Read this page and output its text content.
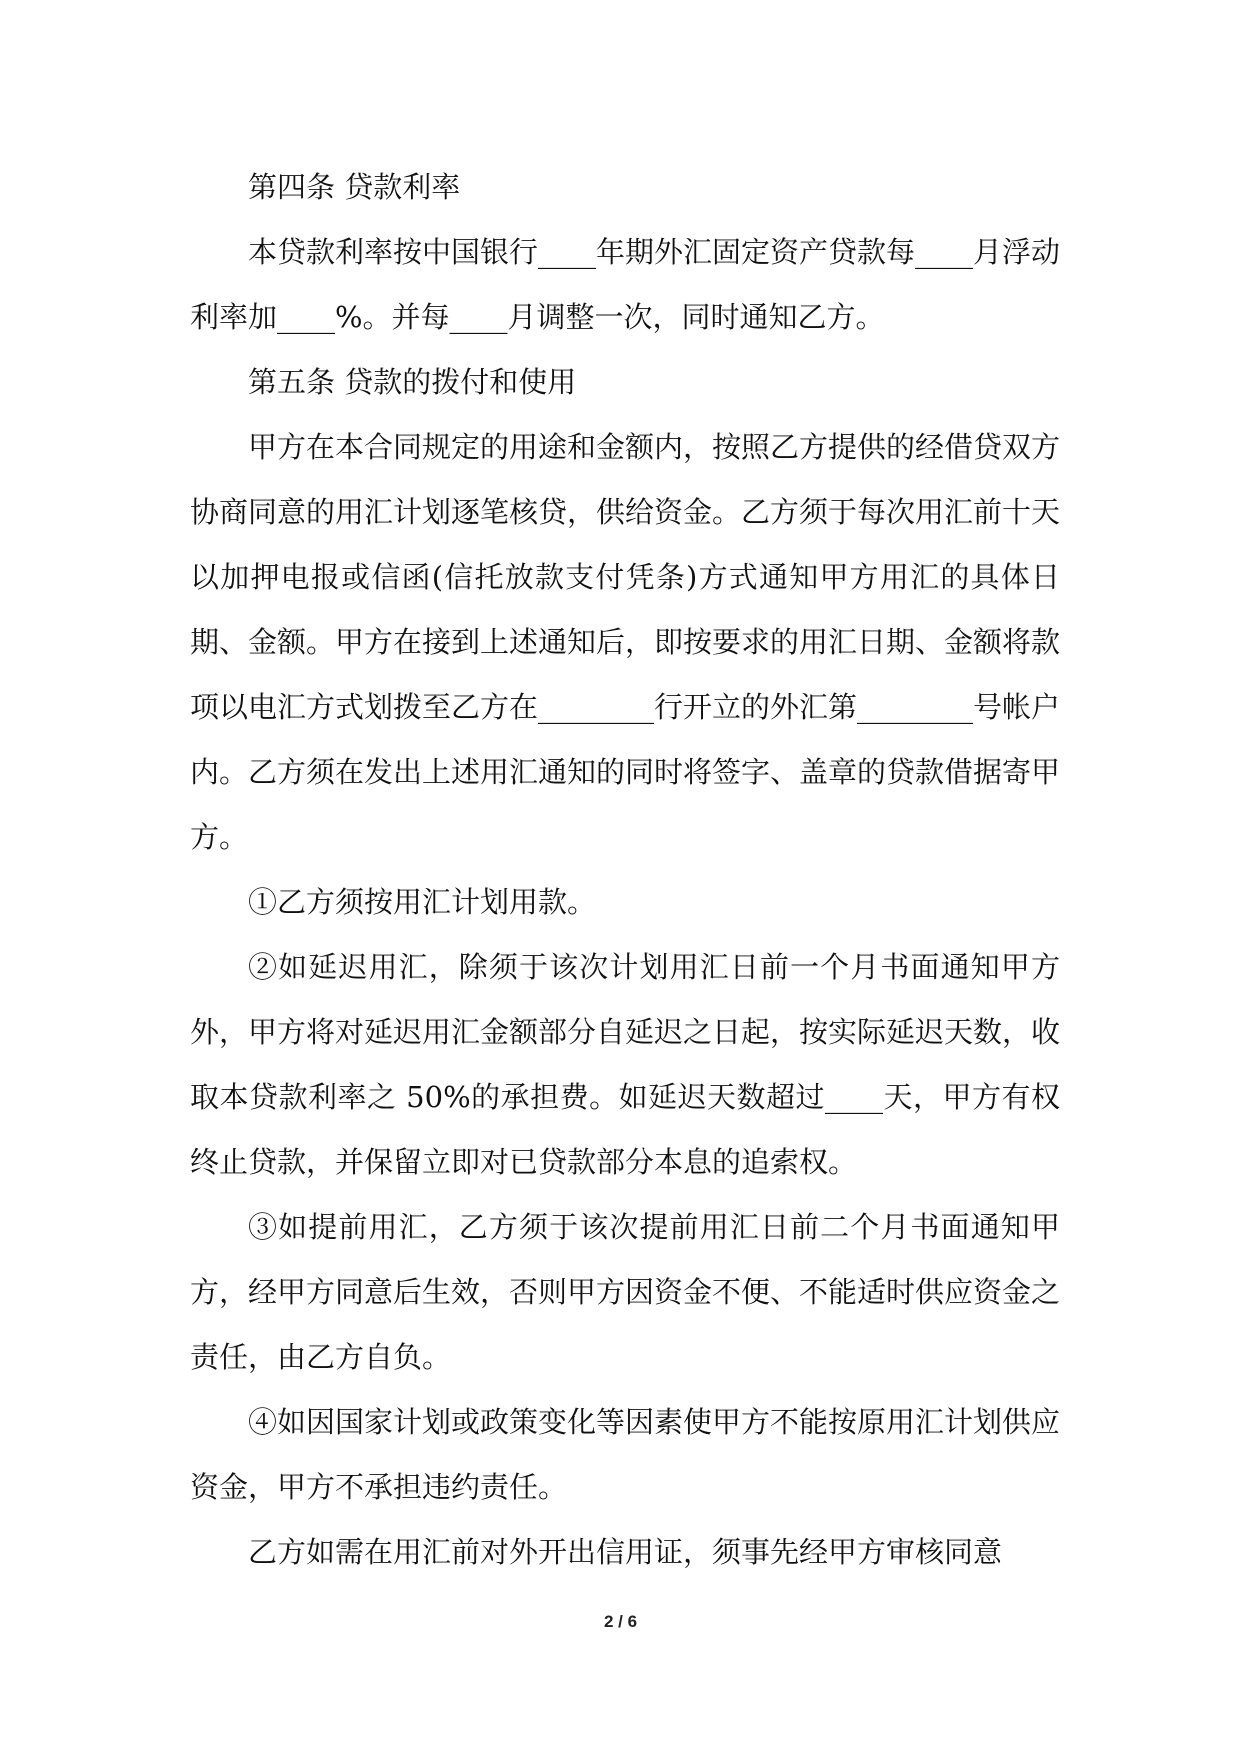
第四条 贷款利率

本贷款利率按中国银行____年期外汇固定资产贷款每____月浮动利率加____%。并每____月调整一次，同时通知乙方。

第五条 贷款的拨付和使用

甲方在本合同规定的用途和金额内，按照乙方提供的经借贷双方协商同意的用汇计划逐笔核贷，供给资金。乙方须于每次用汇前十天以加押电报或信函(信托放款支付凭条)方式通知甲方用汇的具体日期、金额。甲方在接到上述通知后，即按要求的用汇日期、金额将款项以电汇方式划拨至乙方在________行开立的外汇第________号帐户内。乙方须在发出上述用汇通知的同时将签字、盖章的贷款借据寄甲方。

①乙方须按用汇计划用款。

②如延迟用汇，除须于该次计划用汇日前一个月书面通知甲方外，甲方将对延迟用汇金额部分自延迟之日起，按实际延迟天数，收取本贷款利率之 50%的承担费。如延迟天数超过____天，甲方有权终止贷款，并保留立即对已贷款部分本息的追索权。

③如提前用汇，乙方须于该次提前用汇日前二个月书面通知甲方，经甲方同意后生效，否则甲方因资金不便、不能适时供应资金之责任，由乙方自负。

④如因国家计划或政策变化等因素使甲方不能按原用汇计划供应资金，甲方不承担违约责任。

乙方如需在用汇前对外开出信用证，须事先经甲方审核同意

2 / 6
